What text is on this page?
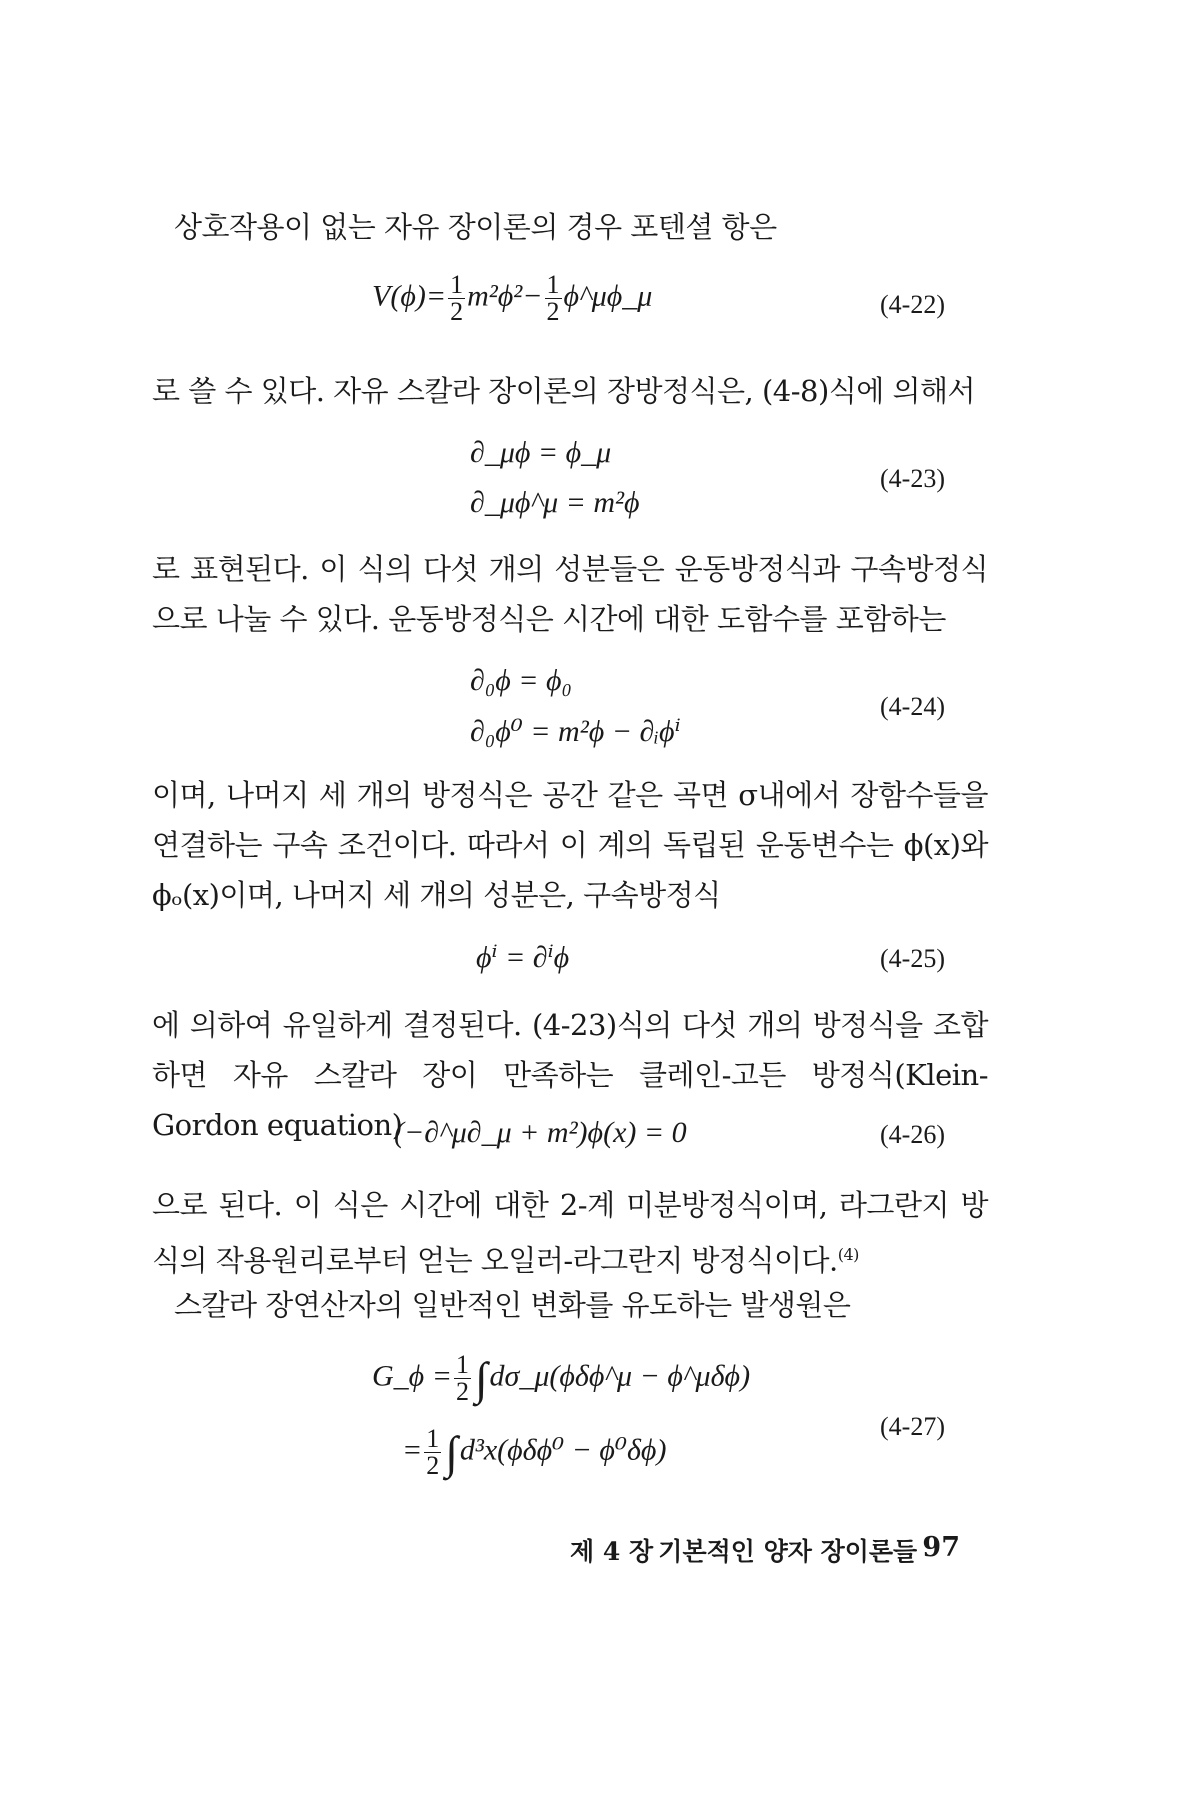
상호작용이 없는 자유 장이론의 경우 포텐셜 항은
$V(\phi)= \frac{1}{2} m^2\phi^2- \frac{1}{2}$ ϕ^μϕ_μ	(4-22)
로 쓸 수 있다. 자유 스칼라 장이론의 장방정식은, (4-8)식에 의해서
∂_μϕ = ϕ_μ
∂_μϕ^μ = m²ϕ
(4-23)
로 표현된다. 이 식의 다섯 개의 성분들은 운동방정식과 구속방정식으로 나눌 수 있다. 운동방정식은 시간에 대한 도함수를 포함하는
∂₀ϕ = ϕ₀
∂₀ϕ⁰ = m²ϕ − ∂ᵢϕⁱ
(4-24)
이며, 나머지 세 개의 방정식은 공간 같은 곡면 σ내에서 장함수들을 연결하는 구속 조건이다. 따라서 이 계의 독립된 운동변수는 ϕ(x)와 ϕₒ(x)이며, 나머지 세 개의 성분은, 구속방정식
ϕⁱ = ∂ⁱϕ	(4-25)
에 의하여 유일하게 결정된다. (4-23)식의 다섯 개의 방정식을 조합하면 자유 스칼라 장이 만족하는 클레인-고든 방정식(Klein-Gordon equation)
(−∂^μ∂_μ + m²)ϕ(x) = 0	(4-26)
으로 된다. 이 식은 시간에 대한 2-계 미분방정식이며, 라그란지 방식의 작용원리로부터 얻는 오일러-라그란지 방정식이다.$^{(4)}$
스칼라 장연산자의 일반적인 변화를 유도하는 발생원은
G_ϕ = $\frac{1}{2}$ ∫dσ_μ(ϕδϕ^μ − ϕ^μδϕ)
= $\frac{1}{2} \int d^3x(\phi\delta\phi^0 - \phi^0\delta\phi)$
(4-27)
제 4 장 기본적인 양자 장이론들 97
